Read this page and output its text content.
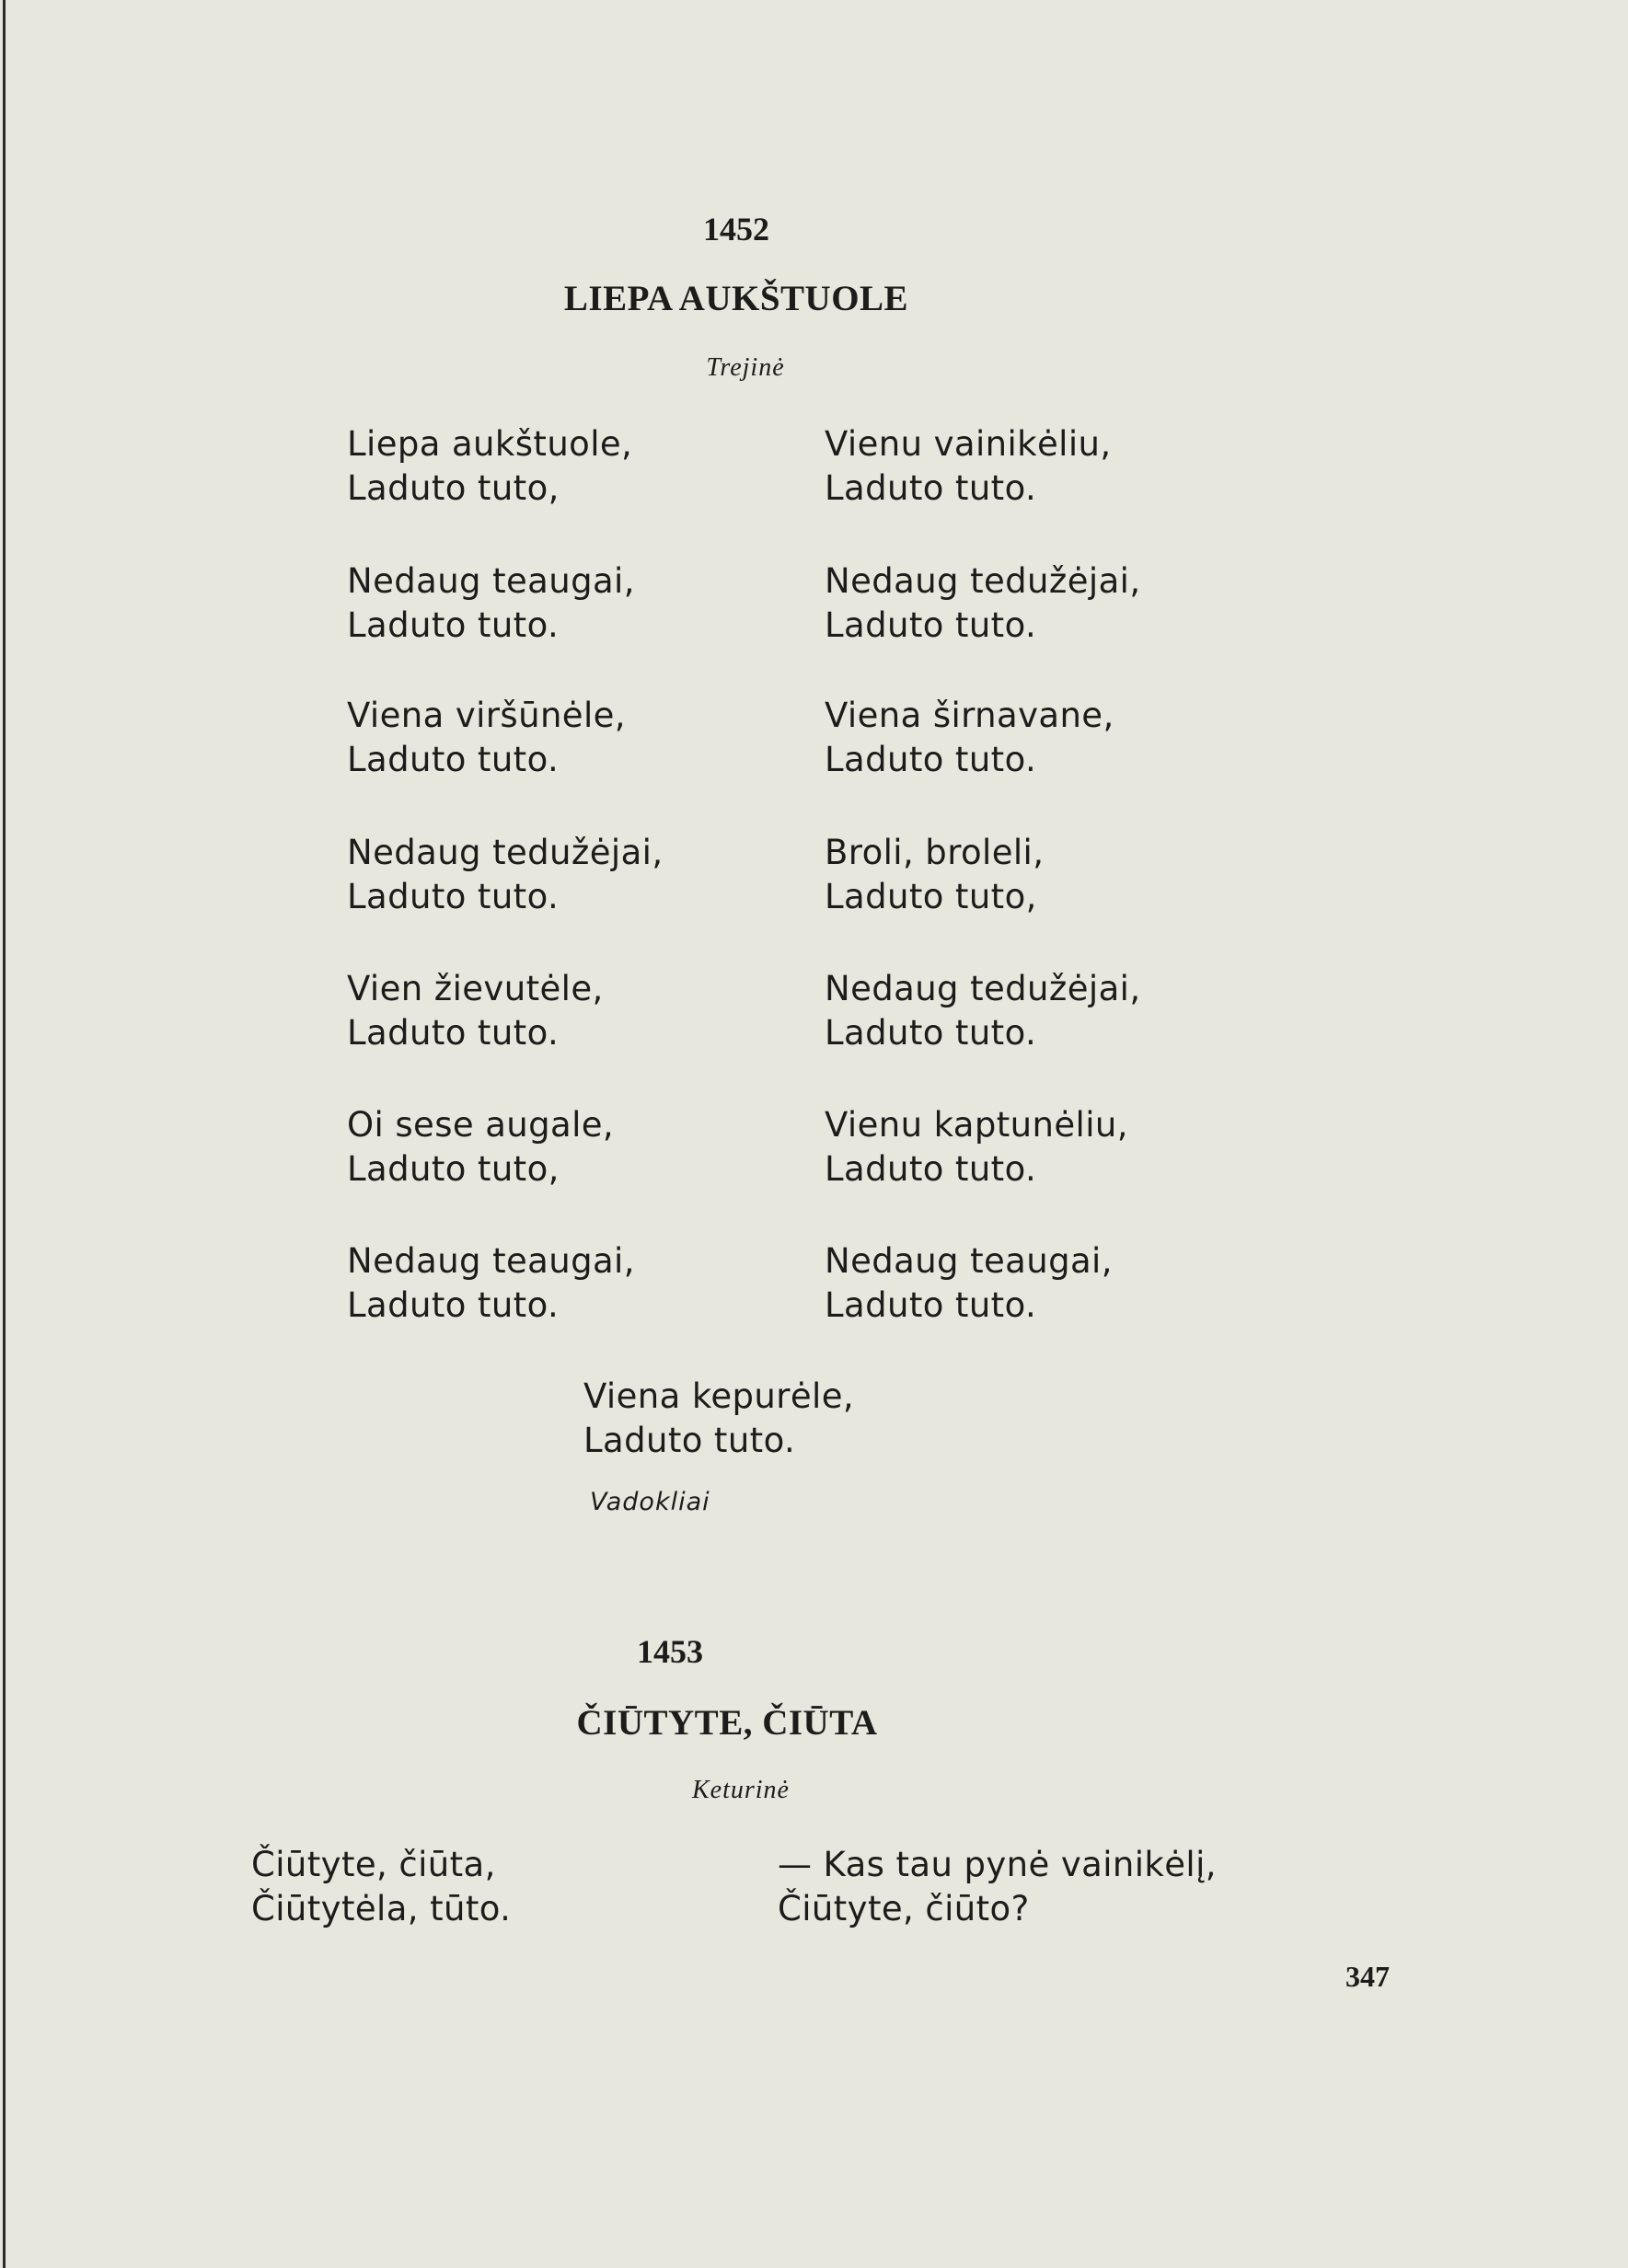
1452
LIEPA AUKŠTUOLE
Trejinė
Liepa aukštuole,
Laduto tuto,
Nedaug teaugai,
Laduto tuto.
Viena viršūnėle,
Laduto tuto.
Nedaug tedužėjai,
Laduto tuto.
Vien žievutėle,
Laduto tuto.
Oi sese augale,
Laduto tuto,
Nedaug teaugai,
Laduto tuto.
Vienu vainikėliu,
Laduto tuto.
Nedaug tedužėjai,
Laduto tuto.
Viena širnavane,
Laduto tuto.
Broli, broleli,
Laduto tuto,
Nedaug tedužėjai,
Laduto tuto.
Vienu kaptunėliu,
Laduto tuto.
Nedaug teaugai,
Laduto tuto.
Viena kepurėle,
Laduto tuto.
Vadokliai
1453
ČIŪTYTE, ČIŪTA
Keturinė
Čiūtyte, čiūta,
Čiūtytėla, tūto.
— Kas tau pynė vainikėlį,
Čiūtyte, čiūto?
347
